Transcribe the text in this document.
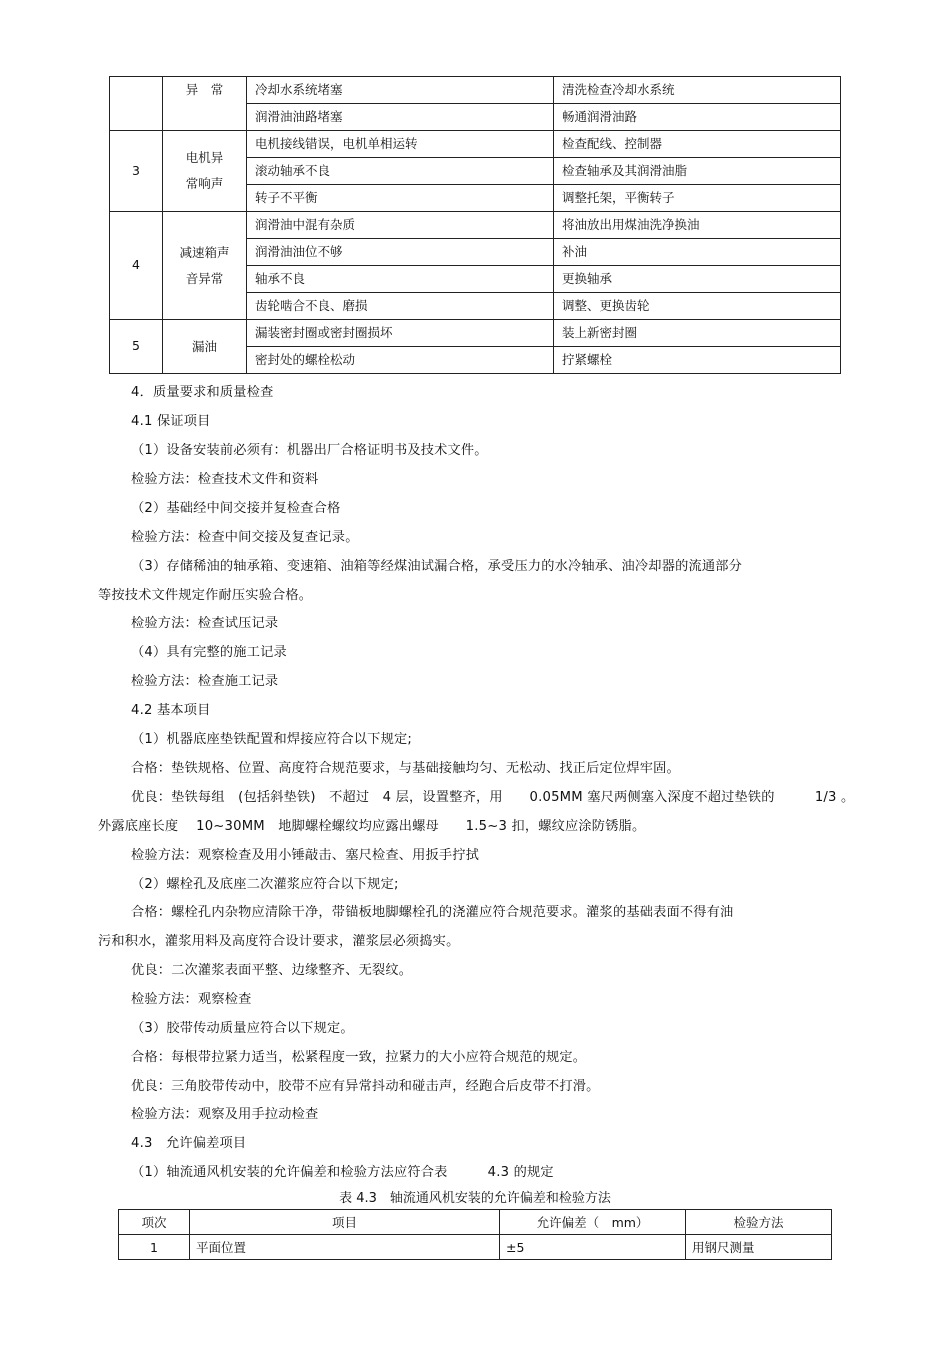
	异　常	冷却水系统堵塞	清洗检查冷却水系统
		润滑油油路堵塞	畅通润滑油路
3	电机异常响声	电机接线错误，电机单相运转	检查配线、控制器
		滚动轴承不良	检查轴承及其润滑油脂
		转子不平衡	调整托架，平衡转子
4	减速箱声音异常	润滑油中混有杂质	将油放出用煤油洗净换油
		润滑油油位不够	补油
		轴承不良	更换轴承
		齿轮啮合不良、磨损	调整、更换齿轮
5	漏油	漏装密封圈或密封圈损坏	装上新密封圈
		密封处的螺栓松动	拧紧螺栓
4．质量要求和质量检查
4.1 保证项目
（1）设备安装前必须有：机器出厂合格证明书及技术文件。
检验方法：检查技术文件和资料
（2）基础经中间交接并复检查合格
检验方法：检查中间交接及复查记录。
（3）存储稀油的轴承箱、变速箱、油箱等经煤油试漏合格，承受压力的水冷轴承、油冷却器的流通部分
等按技术文件规定作耐压实验合格。
检验方法：检查试压记录
（4）具有完整的施工记录
检验方法：检查施工记录
4.2 基本项目
（1）机器底座垫铁配置和焊接应符合以下规定;
合格：垫铁规格、位置、高度符合规范要求，与基础接触均匀、无松动、找正后定位焊牢固。
优良：垫铁每组　(包括斜垫铁)　不超过　4 层，设置整齐，用　　0.05MM 塞尺两侧塞入深度不超过垫铁的　　　1/3 。
外露底座长度　 10~30MM　地脚螺栓螺纹均应露出螺母　　1.5~3 扣，螺纹应涂防锈脂。
检验方法：观察检查及用小锤敲击、塞尺检查、用扳手拧拭
（2）螺栓孔及底座二次灌浆应符合以下规定;
合格：螺栓孔内杂物应清除干净，带锚板地脚螺栓孔的浇灌应符合规范要求。灌浆的基础表面不得有油
污和积水，灌浆用料及高度符合设计要求，灌浆层必须捣实。
优良：二次灌浆表面平整、边缘整齐、无裂纹。
检验方法：观察检查
（3）胶带传动质量应符合以下规定。
合格：每根带拉紧力适当，松紧程度一致，拉紧力的大小应符合规范的规定。
优良：三角胶带传动中，胶带不应有异常抖动和碰击声，经跑合后皮带不打滑。
检验方法：观察及用手拉动检查
4.3　允许偏差项目
（1）轴流通风机安装的允许偏差和检验方法应符合表　　　4.3 的规定
表 4.3　轴流通风机安装的允许偏差和检验方法
项次	项目	允许偏差（　mm）	检验方法
1	平面位置	±5	用钢尺测量
